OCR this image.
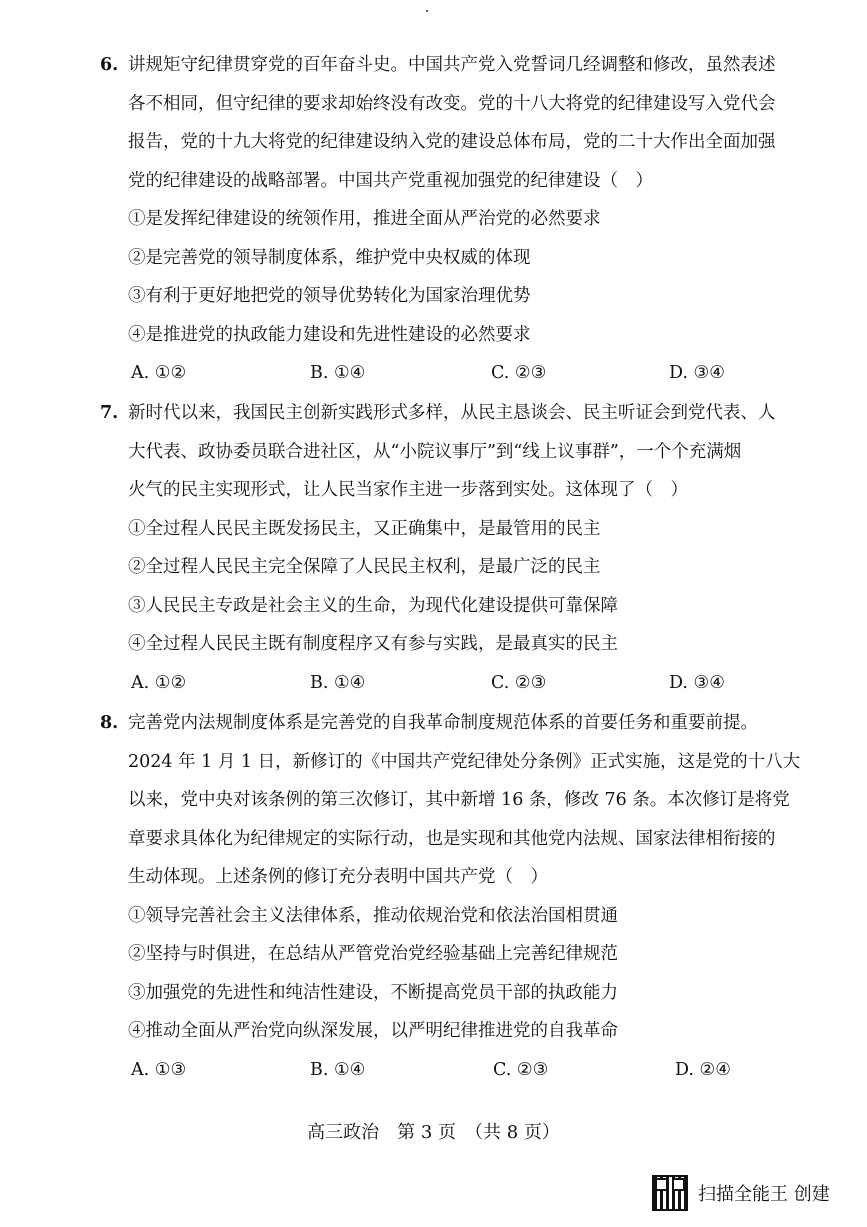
6. 讲规矩守纪律贯穿党的百年奋斗史。中国共产党入党誓词几经调整和修改，虽然表述
各不相同，但守纪律的要求却始终没有改变。党的十八大将党的纪律建设写入党代会
报告，党的十九大将党的纪律建设纳入党的建设总体布局，党的二十大作出全面加强
党的纪律建设的战略部署。中国共产党重视加强党的纪律建设（　）
①是发挥纪律建设的统领作用，推进全面从严治党的必然要求
②是完善党的领导制度体系，维护党中央权威的体现
③有利于更好地把党的领导优势转化为国家治理优势
④是推进党的执政能力建设和先进性建设的必然要求
A. ①②	B. ①④	C. ②③	D. ③④
7. 新时代以来，我国民主创新实践形式多样，从民主恳谈会、民主听证会到党代表、人
大代表、政协委员联合进社区，从“小院议事厅”到“线上议事群”，一个个充满烟
火气的民主实现形式，让人民当家作主进一步落到实处。这体现了（　）
①全过程人民民主既发扬民主，又正确集中，是最管用的民主
②全过程人民民主完全保障了人民民主权利，是最广泛的民主
③人民民主专政是社会主义的生命，为现代化建设提供可靠保障
④全过程人民民主既有制度程序又有参与实践，是最真实的民主
A. ①②	B. ①④	C. ②③	D. ③④
8. 完善党内法规制度体系是完善党的自我革命制度规范体系的首要任务和重要前提。
2024 年 1 月 1 日，新修订的《中国共产党纪律处分条例》正式实施，这是党的十八大
以来，党中央对该条例的第三次修订，其中新增 16 条，修改 76 条。本次修订是将党
章要求具体化为纪律规定的实际行动，也是实现和其他党内法规、国家法律相衔接的
生动体现。上述条例的修订充分表明中国共产党（　）
①领导完善社会主义法律体系，推动依规治党和依法治国相贯通
②坚持与时俱进，在总结从严管党治党经验基础上完善纪律规范
③加强党的先进性和纯洁性建设，不断提高党员干部的执政能力
④推动全面从严治党向纵深发展，以严明纪律推进党的自我革命
A. ①③	B. ①④	C. ②③	D. ②④
高三政治　第 3 页　（共 8 页）
扫描全能王 创建
